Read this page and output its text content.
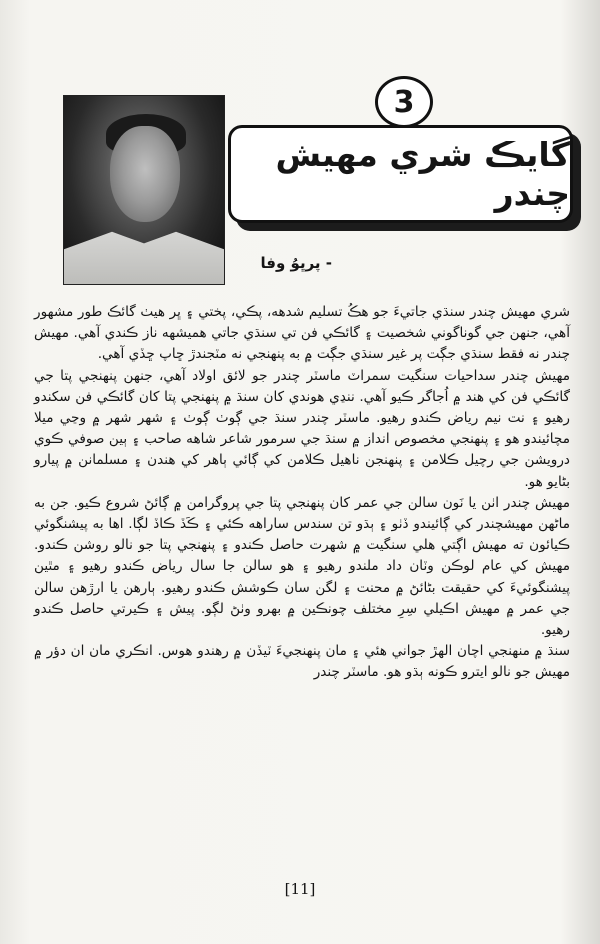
3
گايڪ شري مهيش چندر
- پرڀوُ وفا

شري مهيش چندر سنڌي جاتيءَ جو هڪُ تسليم شدهه، پڪي، پختي ۽ ڀر هيٺ گائڪ طور مشهور آهي، جنهن جي گوناگوني شخصيت ۽ گائڪي فن تي سنڌي جاتي هميشهه ناز ڪندي آهي. مهيش چندر نه فقط سنڌي جڳت پر غير سنڌي جڳت ۾ به پنهنجي نه مٽجندڙ ڇاپ ڇڏي آهي.

مهيش چندر سداحيات سنگيت سمراٽ ماسٽر چندر جو لائق اولاد آهي، جنهن پنهنجي پتا جي گائڪي فن کي هند ۾ اُجاگر ڪيو آهي. ننڍي هوندي کان سنڌ ۾ پنهنجي پتا کان گائڪي فن سکندو رهيو ۽ نت نيم رياض ڪندو رهيو. ماسٽر چندر سنڌ جي ڳوٺ ڳوٺ ۽ شهر شهر ۾ وڃي ميلا مچائيندو هو ۽ پنهنجي مخصوص انداز ۾ سنڌ جي سرمور شاعر شاهه صاحب ۽ ٻين صوفي ڪوي درويشن جي رچيل ڪلامن ۽ پنهنجن ناهيل ڪلامن کي ڳائي ٻاهر کي هندن ۽ مسلمانن ۾ پيارو بڻايو هو.

مهيش چندر اٺن يا نَون سالن جي عمر کان پنهنجي پتا جي پروگرامن ۾ ڳائڻ شروع ڪيو. جن به ماڻهن مهيشچندر کي ڳائيندو ڏٺو ۽ ٻڌو تن سندس ساراهه ڪئي ۽ ڪَڏ ڪاڏ لڳا. اها به پيشنگوئي ڪيائون ته مهيش اڳتي هلي سنگيت ۾ شهرت حاصل ڪندو ۽ پنهنجي پتا جو نالو روشن ڪندو. مهيش کي عام لوڪن وٽان داد ملندو رهيو ۽ هو سالن جا سال رياض ڪندو رهيو ۽ مٿين پيشنگوئيءَ کي حقيقت بڻائڻ ۾ محنت ۽ لگن سان ڪوشش ڪندو رهيو. ٻارهن يا ارڙهن سالن جي عمر ۾ مهيش اڪيلي سِرِ مختلف چونڪين ۾ بهرو وٺڻ لڳو. پيش ۽ ڪيرتي حاصل ڪندو رهيو.

سنڌ ۾ منهنجي اچان الهڙ جواني هئي ۽ مان پنهنجيءَ ٽيڏن ۾ رهندو هوس. انڪري مان ان دؤر ۾ مهيش جو نالو ايترو ڪونه ٻڌو هو. ماسٽر چندر

[11]
